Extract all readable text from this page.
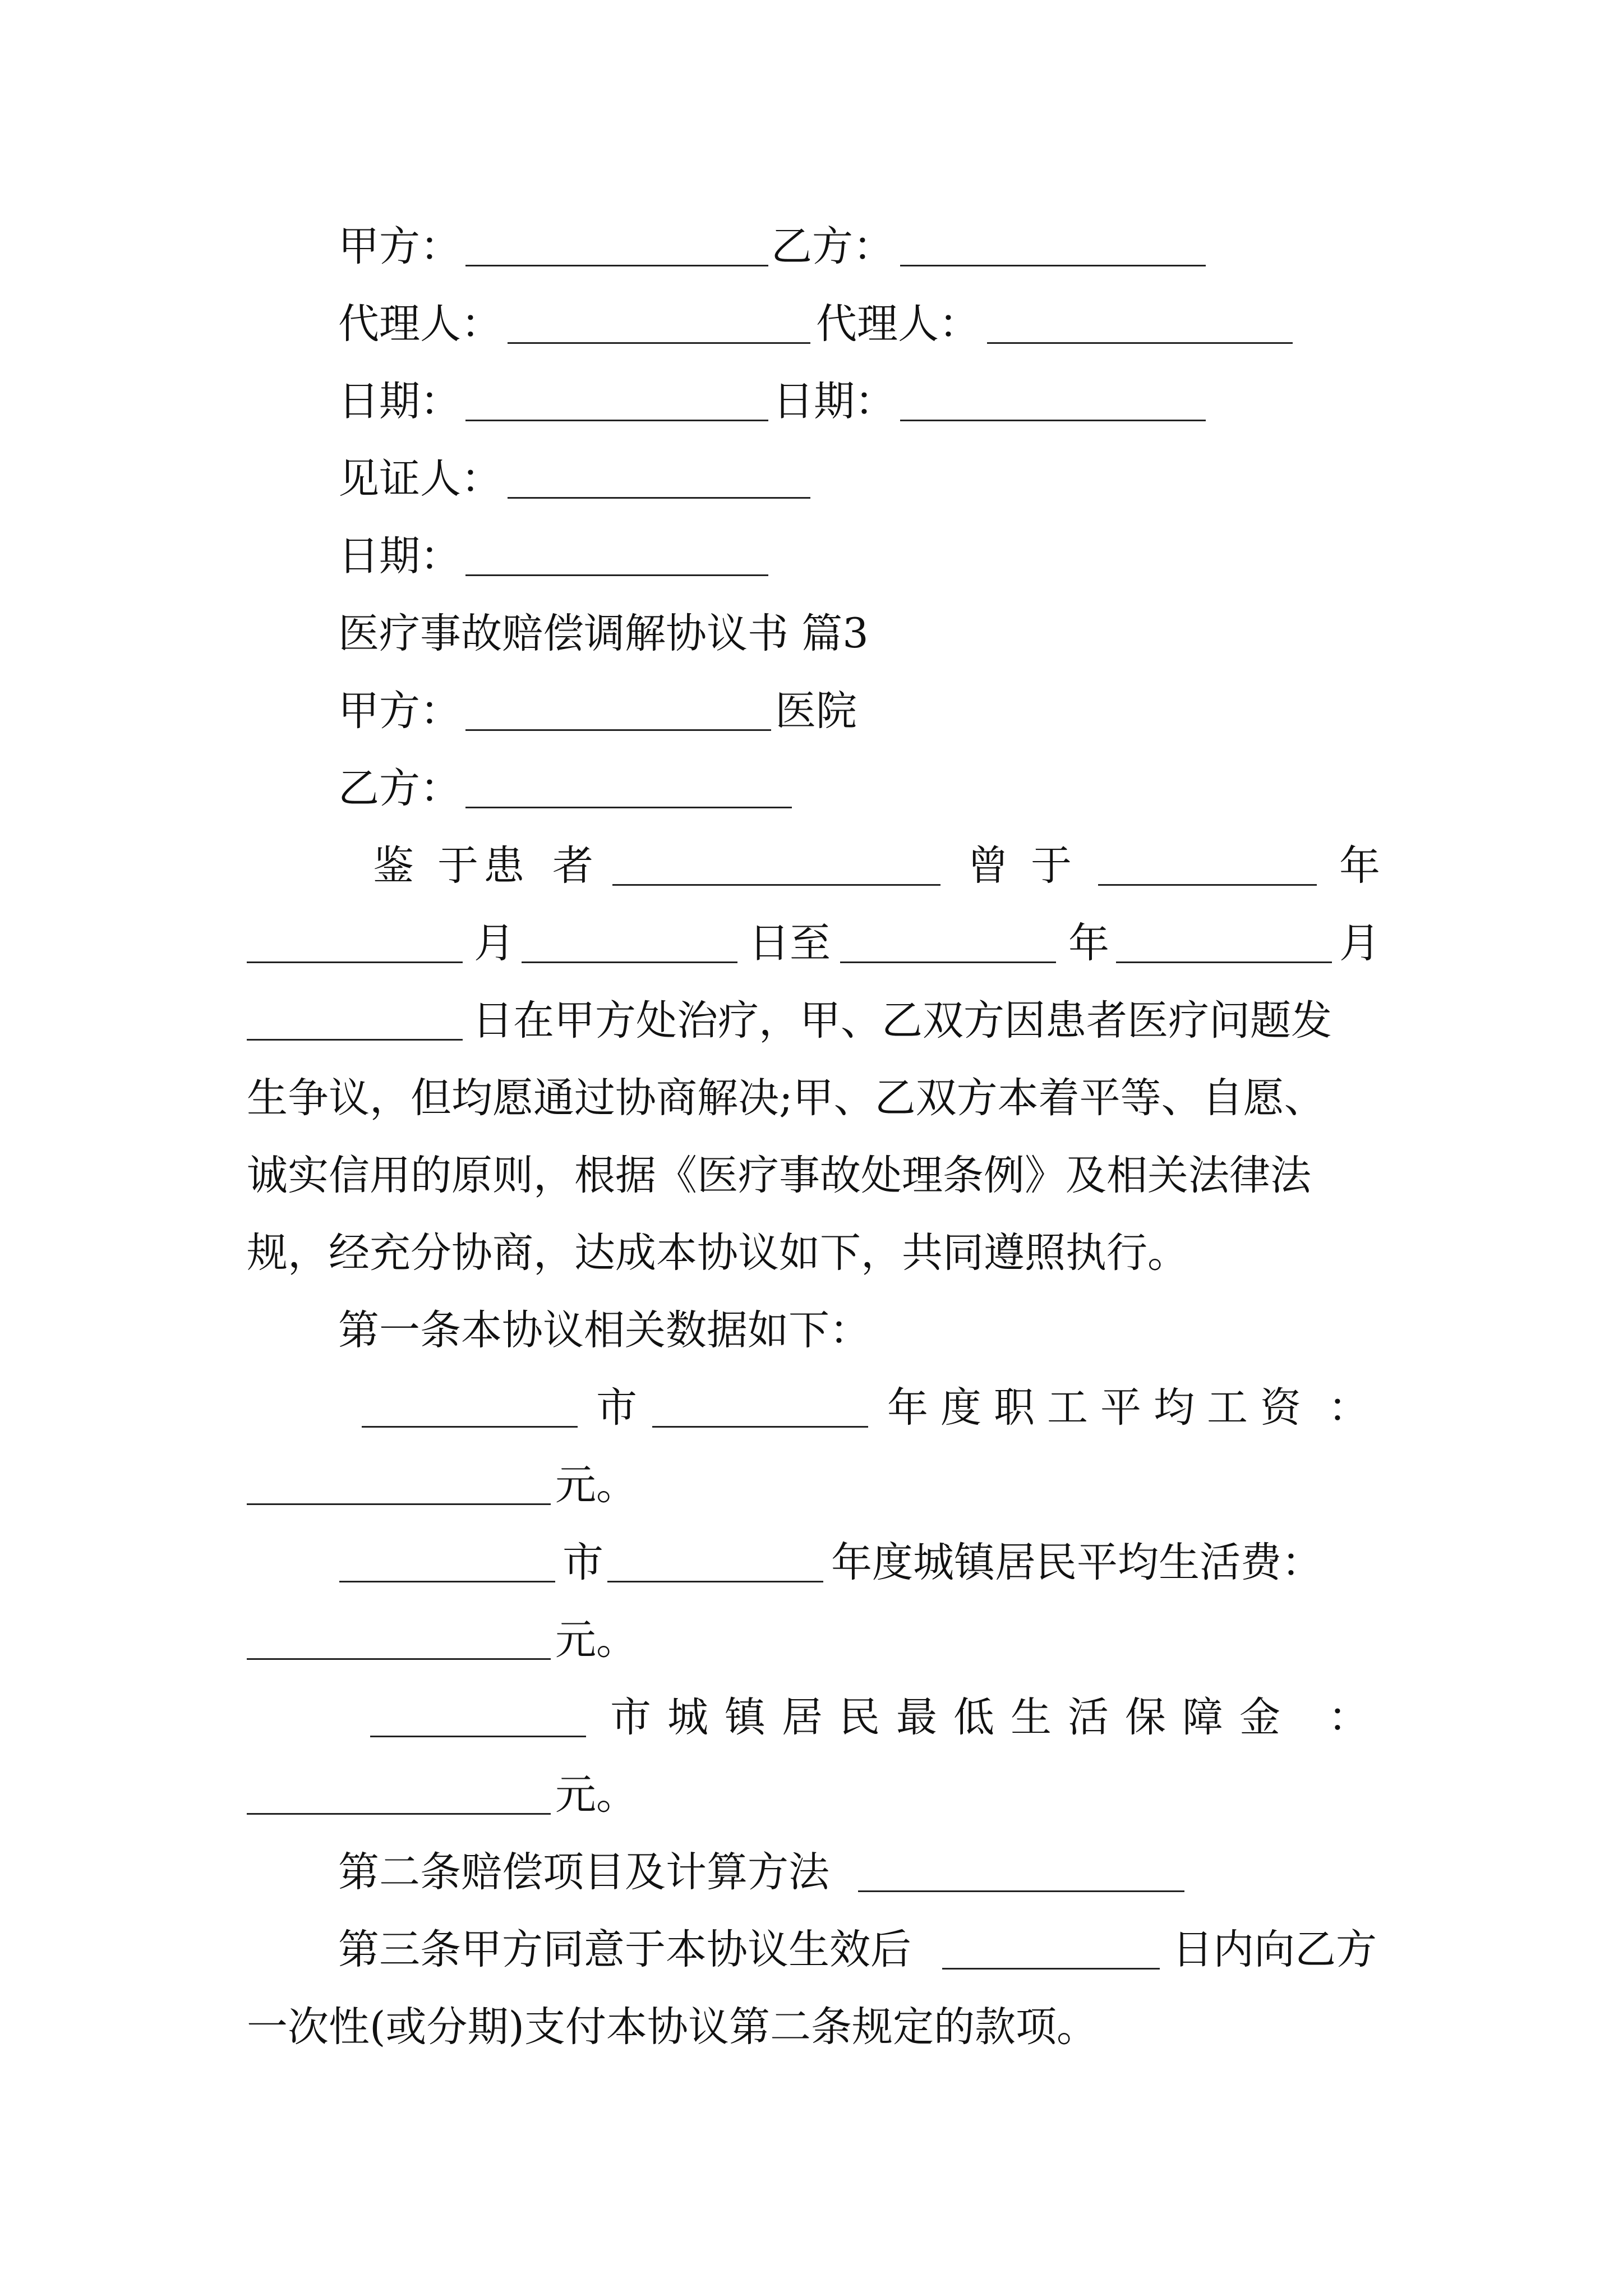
甲方：	乙方：
代理人：	代理人：
日期：	日期：
见证人：
日期：
医疗事故赔偿调解协议书 篇3
甲方：	医院
乙方：
鉴 于 患 者	曾 于	年
月	日至	年	月
日在甲方处治疗，甲、乙双方因患者医疗问题发
生争议，但均愿通过协商解决;甲、乙双方本着平等、自愿、
诚实信用的原则，根据《医疗事故处理条例》及相关法律法
规，经充分协商，达成本协议如下，共同遵照执行。
第一条本协议相关数据如下：
市	年 度 职 工 平 均 工 资 ：
元。
市	年度城镇居民平均生活费：
元。
市 城 镇 居 民 最 低 生 活 保 障 金 ：
元。
第二条赔偿项目及计算方法
第三条甲方同意于本协议生效后	日内向乙方
一次性(或分期)支付本协议第二条规定的款项。
